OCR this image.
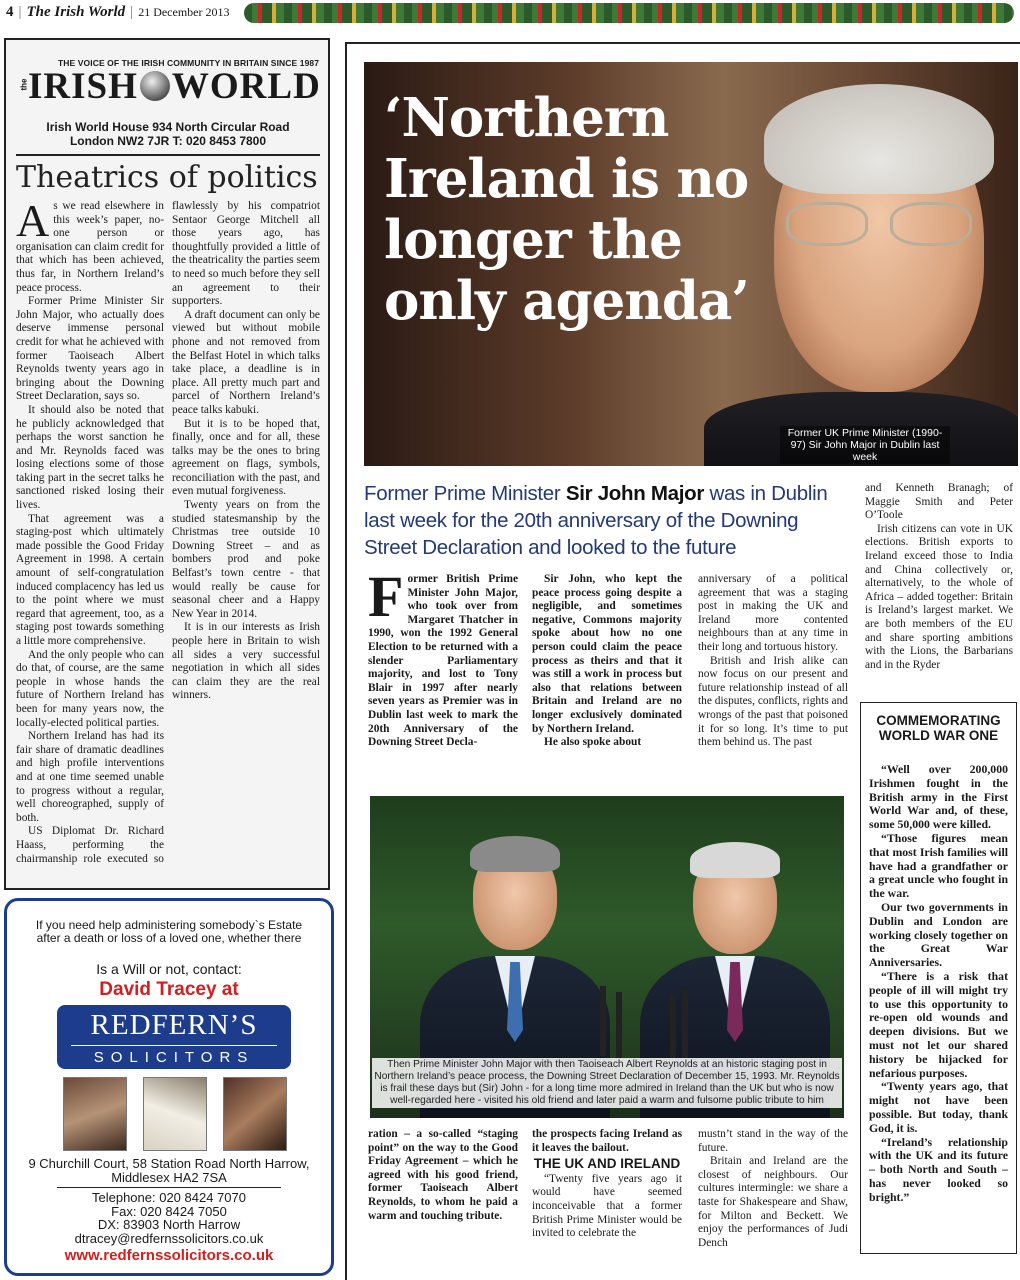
4 | The Irish World | 21 December 2013
THE VOICE OF THE IRISH COMMUNITY IN BRITAIN SINCE 1987
the IRISH WORLD
Irish World House 934 North Circular Road
London NW2 7JR T: 020 8453 7800
Theatrics of politics

As we read elsewhere in this week’s paper, no-one person or organisation can claim credit for that which has been achieved, thus far, in Northern Ireland’s peace process.

Former Prime Minister Sir John Major, who actually does deserve immense personal credit for what he achieved with former Taoiseach Albert Reynolds twenty years ago in bringing about the Downing Street Declaration, says so.

It should also be noted that he publicly acknowledged that perhaps the worst sanction he and Mr. Reynolds faced was losing elections some of those taking part in the secret talks he sanctioned risked losing their lives.

That agreement was a staging-post which ultimately made possible the Good Friday Agreement in 1998. A certain amount of self-congratulation induced complacency has led us to the point where we must regard that agreement, too, as a staging post towards something a little more comprehensive.

And the only people who can do that, of course, are the same people in whose hands the future of Northern Ireland has been for many years now, the locally-elected political parties.

Northern Ireland has had its fair share of dramatic deadlines and high profile interventions and at one time seemed unable to progress without a regular, well choreographed, supply of both.

US Diplomat Dr. Richard Haass, performing the chairmanship role executed so flawlessly by his compatriot Sentaor George Mitchell all those years ago, has thoughtfully provided a little of the theatricality the parties seem to need so much before they sell an agreement to their supporters.

A draft document can only be viewed but without mobile phone and not removed from the Belfast Hotel in which talks take place, a deadline is in place. All pretty much part and parcel of Northern Ireland’s peace talks kabuki.

But it is to be hoped that, finally, once and for all, these talks may be the ones to bring agreement on flags, symbols, reconciliation with the past, and even mutual forgiveness.

Twenty years on from the studied statesmanship by the Christmas tree outside 10 Downing Street – and as bombers prod and poke Belfast’s town centre - that would really be cause for seasonal cheer and a Happy New Year in 2014.

It is in our interests as Irish people here in Britain to wish all sides a very successful negotiation in which all sides can claim they are the real winners.

If you need help administering somebody`s Estate after a death or loss of a loved one, whether there
Is a Will or not, contact:
David Tracey at
REDFERN’S
SOLICITORS
9 Churchill Court, 58 Station Road North Harrow, Middlesex HA2 7SA
Telephone: 020 8424 7070
Fax: 020 8424 7050
DX: 83903 North Harrow
dtracey@redfernssolicitors.co.uk
www.redfernssolicitors.co.uk
‘Northern Ireland is no longer the only agenda’
Former UK Prime Minister (1990-97) Sir John Major in Dublin last week
Former Prime Minister Sir John Major was in Dublin last week for the 20th anniversary of the Downing Street Declaration and looked to the future

Former British Prime Minister John Major, who took over from Margaret Thatcher in 1990, won the 1992 General Election to be returned with a slender Parliamentary majority, and lost to Tony Blair in 1997 after nearly seven years as Premier was in Dublin last week to mark the 20th Anniversary of the Downing Street Decla-

Sir John, who kept the peace process going despite a negligible, and sometimes negative, Commons majority spoke about how no one person could claim the peace process as theirs and that it was still a work in process but also that relations between Britain and Ireland are no longer exclusively dominated by Northern Ireland.

He also spoke about

anniversary of a political agreement that was a staging post in making the UK and Ireland more contented neighbours than at any time in their long and tortuous history.

British and Irish alike can now focus on our present and future relationship instead of all the disputes, conflicts, rights and wrongs of the past that poisoned it for so long. It’s time to put them behind us. The past

and Kenneth Branagh; of Maggie Smith and Peter O’Toole

Irish citizens can vote in UK elections. British exports to Ireland exceed those to India and China collectively or, alternatively, to the whole of Africa – added together: Britain is Ireland’s largest market. We are both members of the EU and share sporting ambitions with the Lions, the Barbarians and in the Ryder

Then Prime Minister John Major with then Taoiseach Albert Reynolds at an historic staging post in Northern Ireland’s peace process, the Downing Street Declaration of December 15, 1993. Mr. Reynolds is frail these days but (Sir) John - for a long time more admired in Ireland than the UK but who is now well-regarded here - visited his old friend and later paid a warm and fulsome public tribute to him

ration – a so-called “staging point” on the way to the Good Friday Agreement – which he agreed with his good friend, former Taoiseach Albert Reynolds, to whom he paid a warm and touching tribute.

the prospects facing Ireland as it leaves the bailout.

THE UK AND IRELAND

“Twenty five years ago it would have seemed inconceivable that a former British Prime Minister would be invited to celebrate the

mustn’t stand in the way of the future.

Britain and Ireland are the closest of neighbours. Our cultures intermingle: we share a taste for Shakespeare and Shaw, for Milton and Beckett. We enjoy the performances of Judi Dench

COMMEMORATING WORLD WAR ONE

“Well over 200,000 Irishmen fought in the British army in the First World War and, of these, some 50,000 were killed.

“Those figures mean that most Irish families will have had a grandfather or a great uncle who fought in the war.

Our two governments in Dublin and London are working closely together on the Great War Anniversaries.

“There is a risk that people of ill will might try to use this opportunity to re-open old wounds and deepen divisions. But we must not let our shared history be hijacked for nefarious purposes.

“Twenty years ago, that might not have been possible. But today, thank God, it is.

“Ireland’s relationship with the UK and its future – both North and South – has never looked so bright.”
